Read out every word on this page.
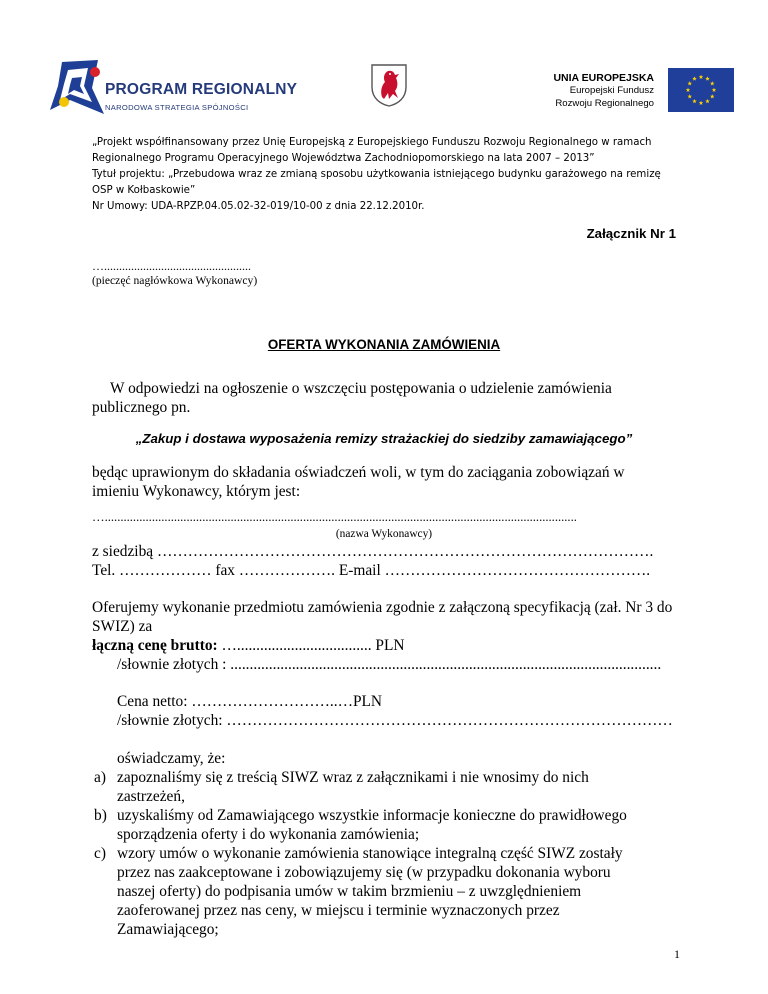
PROGRAM REGIONALNY
NARODOWA STRATEGIA SPÓJNOŚCI
UNIA EUROPEJSKA
Europejski Fundusz
Rozwoju Regionalnego
„Projekt współfinansowany przez Unię Europejską z Europejskiego Funduszu Rozwoju Regionalnego w ramach
Regionalnego Programu Operacyjnego Województwa Zachodniopomorskiego na lata 2007 – 2013”
Tytuł projektu: „Przebudowa wraz ze zmianą sposobu użytkowania istniejącego budynku garażowego na remizę
OSP w Kołbaskowie”
Nr Umowy: UDA-RPZP.04.05.02-32-019/10-00 z dnia 22.12.2010r.
Załącznik Nr 1
….................................................
(pieczęć nagłówkowa Wykonawcy)
OFERTA WYKONANIA ZAMÓWIENIA
W odpowiedzi na ogłoszenie o wszczęciu postępowania o udzielenie zamówienia
publicznego pn.
„Zakup i dostawa wyposażenia remizy strażackiej do siedziby zamawiającego”
będąc uprawionym do składania oświadczeń woli, w tym do zaciągania zobowiązań w
imieniu Wykonawcy, którym jest:
…......................................................................................................................................................
(nazwa Wykonawcy)
z siedzibą …………………………………………………………………………………….
Tel. ……………… fax ………………. E-mail …………………………………………….
Oferujemy wykonanie przedmiotu zamówienia zgodnie z załączoną specyfikacją (zał. Nr 3 do
SWIZ) za
łączną cenę brutto: …................................... PLN
/słownie złotych : ................................................................................................................
Cena netto: ………………………..…PLN
/słownie złotych: ……………………………………………………………………………
oświadczamy, że:
a) zapoznaliśmy się z treścią SIWZ wraz z załącznikami i nie wnosimy do nich
zastrzeżeń,
b) uzyskaliśmy od Zamawiającego wszystkie informacje konieczne do prawidłowego
sporządzenia oferty i do wykonania zamówienia;
c) wzory umów o wykonanie zamówienia stanowiące integralną część SIWZ zostały
przez nas zaakceptowane i zobowiązujemy się (w przypadku dokonania wyboru
naszej oferty) do podpisania umów w takim brzmieniu – z uwzględnieniem
zaoferowanej przez nas ceny, w miejscu i terminie wyznaczonych przez
Zamawiającego;
1
